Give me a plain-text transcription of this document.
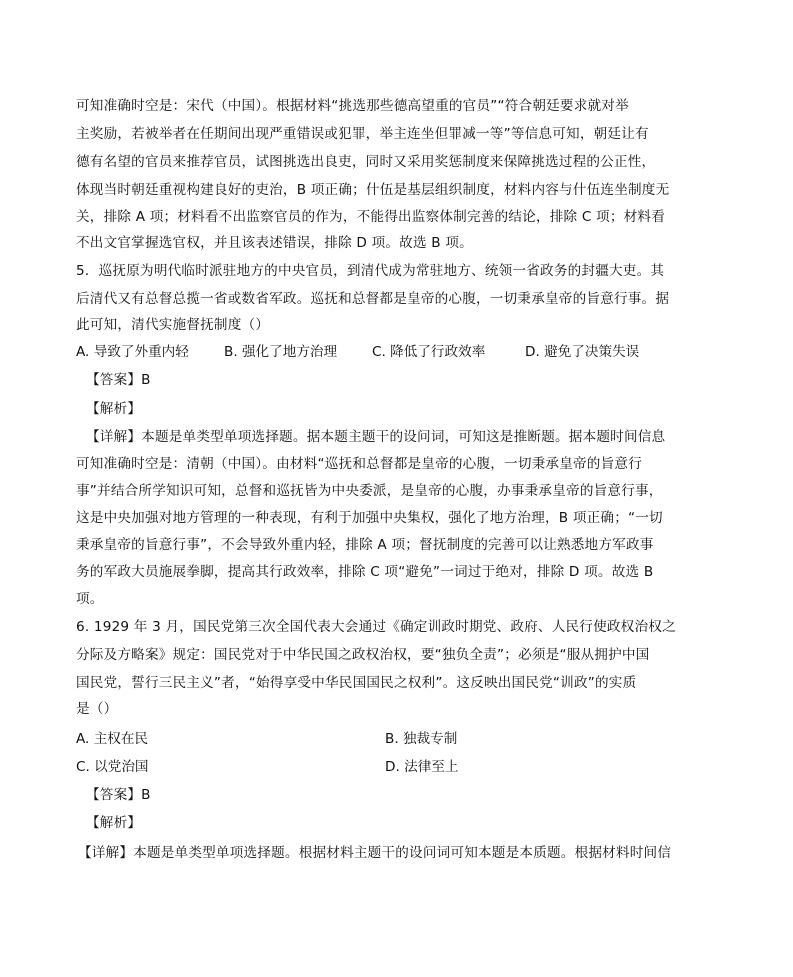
可知准确时空是：宋代（中国）。根据材料“挑选那些德高望重的官员”“符合朝廷要求就对举
主奖励，若被举者在任期间出现严重错误或犯罪，举主连坐但罪减一等”等信息可知，朝廷让有
德有名望的官员来推荐官员，试图挑选出良吏，同时又采用奖惩制度来保障挑选过程的公正性，
体现当时朝廷重视构建良好的吏治，B 项正确；什伍是基层组织制度，材料内容与什伍连坐制度无
关，排除 A 项；材料看不出监察官员的作为，不能得出监察体制完善的结论，排除 C 项；材料看
不出文官掌握选官权，并且该表述错误，排除 D 项。故选 B 项。
5．巡抚原为明代临时派驻地方的中央官员，到清代成为常驻地方、统领一省政务的封疆大吏。其
后清代又有总督总揽一省或数省军政。巡抚和总督都是皇帝的心腹，一切秉承皇帝的旨意行事。据
此可知，清代实施督抚制度（）
A. 导致了外重内轻	B. 强化了地方治理	C. 降低了行政效率	D. 避免了决策失误
【答案】B
【解析】
【详解】本题是单类型单项选择题。据本题主题干的设问词，可知这是推断题。据本题时间信息
可知准确时空是：清朝（中国）。由材料“巡抚和总督都是皇帝的心腹，一切秉承皇帝的旨意行
事”并结合所学知识可知，总督和巡抚皆为中央委派，是皇帝的心腹，办事秉承皇帝的旨意行事，
这是中央加强对地方管理的一种表现，有利于加强中央集权，强化了地方治理，B 项正确；“一切
秉承皇帝的旨意行事”，不会导致外重内轻，排除 A 项；督抚制度的完善可以让熟悉地方军政事
务的军政大员施展拳脚，提高其行政效率，排除 C 项“避免”一词过于绝对，排除 D 项。故选 B
项。
6. 1929 年 3 月，国民党第三次全国代表大会通过《确定训政时期党、政府、人民行使政权治权之
分际及方略案》规定：国民党对于中华民国之政权治权，要“独负全责”；必须是“服从拥护中国
国民党，誓行三民主义”者，“始得享受中华民国国民之权利”。这反映出国民党“训政”的实质
是（）
A. 主权在民	B. 独裁专制
C. 以党治国	D. 法律至上
【答案】B
【解析】
【详解】本题是单类型单项选择题。根据材料主题干的设问词可知本题是本质题。根据材料时间信
